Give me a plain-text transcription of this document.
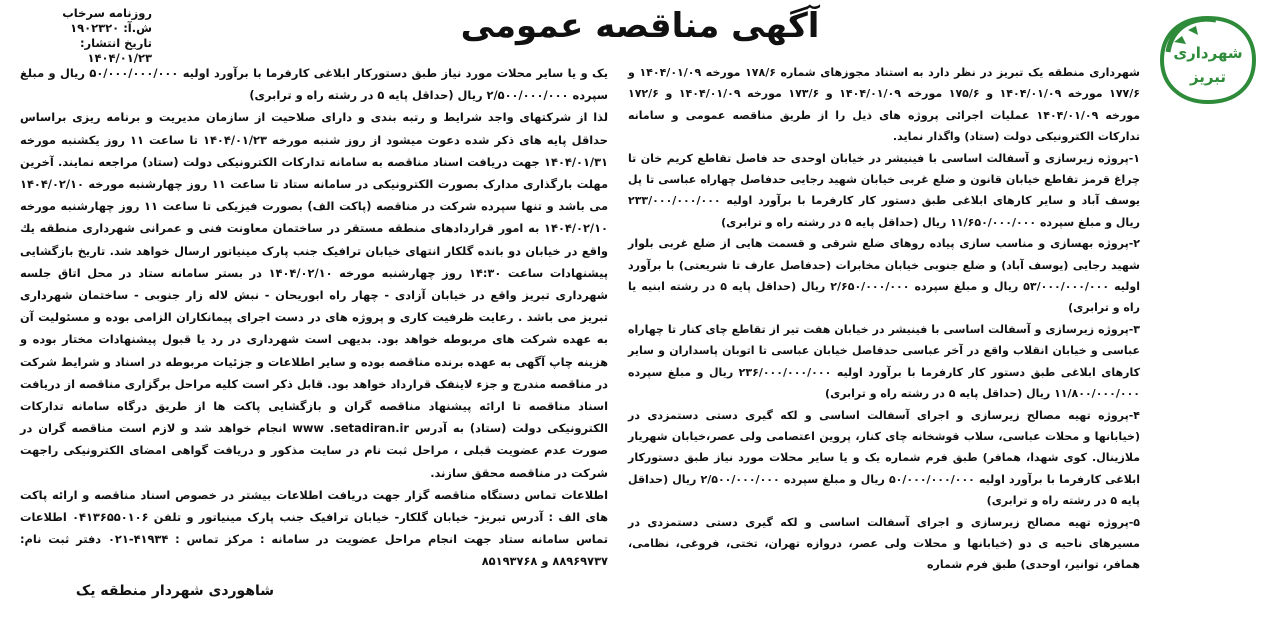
آگهی مناقصه عمومی
روزنامه سرخاب
ش.آ: ۱۹۰۲۳۲۰
تاریخ انتشار: ۱۴۰۴/۰۱/۲۳	شهرداری
تبریز

شهرداری منطقه یک تبریز در نظر دارد به استناد مجوزهای شماره ۱۷۸/۶ مورخه ۱۴۰۴/۰۱/۰۹ و ۱۷۷/۶ مورخه ۱۴۰۴/۰۱/۰۹ و ۱۷۵/۶ مورخه ۱۴۰۴/۰۱/۰۹ و ۱۷۳/۶ مورخه ۱۴۰۴/۰۱/۰۹ و ۱۷۲/۶ مورخه ۱۴۰۴/۰۱/۰۹ عملیات اجرائی پروژه های ذیل را از طریق مناقصه عمومی و سامانه تدارکات الکترونیکی دولت (ستاد) واگذار نماید.

۱-پروژه زیرسازی و آسفالت اساسی با فینیشر در خیابان اوحدی حد فاصل تقاطع کریم خان تا چراغ قرمز تقاطع خیابان قانون و ضلع غربی خیابان شهید رجایی حدفاصل چهاراه عباسی تا پل یوسف آباد و سایر کارهای ابلاغی طبق دستور کار کارفرما با برآورد اولیه ۲۳۳/۰۰۰/۰۰۰/۰۰۰ ریال و مبلغ سپرده ۱۱/۶۵۰/۰۰۰/۰۰۰ ریال (حداقل پایه ۵ در رشته راه و ترابری)

۲-پروژه بهسازی و مناسب سازی پیاده روهای ضلع شرقی و قسمت هایی از ضلع غربی بلوار شهید رجایی (یوسف آباد) و ضلع جنوبی خیابان مخابرات (حدفاصل عارف تا شریعتی) با برآورد اولیه ۵۳/۰۰۰/۰۰۰/۰۰۰ ریال و مبلغ سپرده ۲/۶۵۰/۰۰۰/۰۰۰ ریال (حداقل پایه ۵ در رشته ابنیه یا راه و ترابری)

۳-پروژه زیرسازی و آسفالت اساسی با فینیشر در خیابان هفت تیر از تقاطع چای کنار تا چهاراه عباسی و خیابان انقلاب واقع در آخر عباسی حدفاصل خیابان عباسی تا اتوبان پاسداران و سایر کارهای ابلاغی طبق دستور کار کارفرما با برآورد اولیه ۲۳۶/۰۰۰/۰۰۰/۰۰۰ ریال و مبلغ سپرده ۱۱/۸۰۰/۰۰۰/۰۰۰ ریال (حداقل پایه ۵ در رشته راه و ترابری)

۴-پروژه تهیه مصالح زیرسازی و اجرای آسفالت اساسی و لکه گیری دستی دستمزدی در (خیابانها و محلات عباسی، سلاب قوشخانه چای کنار، پروین اعتصامی ولی عصر،خیابان شهریار ملازینال. کوی شهدا، همافر) طبق فرم شماره یک و یا سایر محلات مورد نیاز طبق دستورکار ابلاغی کارفرما با برآورد اولیه ۵۰/۰۰۰/۰۰۰/۰۰۰ ریال و مبلغ سپرده ۲/۵۰۰/۰۰۰/۰۰۰ ریال (حداقل پایه ۵ در رشته راه و ترابری)

۵-پروژه تهیه مصالح زیرسازی و اجرای آسفالت اساسی و لکه گیری دستی دستمزدی در مسیرهای ناحیه ی دو (خیابانها و محلات ولی عصر، دروازه تهران، تختی، فروغی، نظامی، همافر، توانیر، اوحدی) طبق فرم شماره

یک و یا سایر محلات مورد نیاز طبق دستورکار ابلاغی کارفرما با برآورد اولیه ۵۰/۰۰۰/۰۰۰/۰۰۰ ریال و مبلغ سپرده ۲/۵۰۰/۰۰۰/۰۰۰ ریال (حداقل پایه ۵ در رشته راه و ترابری)

لذا از شرکتهای واجد شرایط و رتبه بندی و دارای صلاحیت از سازمان مدیریت و برنامه ریزی براساس حداقل پایه های ذکر شده دعوت میشود از روز شنبه مورخه ۱۴۰۴/۰۱/۲۳ تا ساعت ۱۱ روز یکشنبه مورخه ۱۴۰۴/۰۱/۳۱ جهت دریافت اسناد مناقصه به سامانه تدارکات الکترونیکی دولت (ستاد) مراجعه نمایند. آخرین مهلت بارگذاری مدارک بصورت الکترونیکی در سامانه ستاد تا ساعت ۱۱ روز چهارشنبه مورخه ۱۴۰۴/۰۲/۱۰ می باشد و تنها سپرده شرکت در مناقصه (پاکت الف) بصورت فیزیکی تا ساعت ۱۱ روز چهارشنبه مورخه ۱۴۰۴/۰۲/۱۰ به امور قراردادهای منطقه مستقر در ساختمان معاونت فنی و عمرانی شهرداری منطقه یك واقع در خیابان دو بانده گلکار انتهای خیابان ترافیک جنب پارک مینیاتور ارسال خواهد شد. تاریخ بازگشایی پیشنهادات ساعت ۱۴:۳۰ روز چهارشنبه مورخه ۱۴۰۴/۰۲/۱۰ در بستر سامانه ستاد در محل اتاق جلسه شهرداری تبریز واقع در خیابان آزادی - چهار راه ابوریحان - نبش لاله زار جنوبی - ساختمان شهرداری تبریز می باشد . رعایت ظرفیت کاری و پروژه های در دست اجرای پیمانکاران الزامی بوده و مسئولیت آن به عهده شرکت های مربوطه خواهد بود. بدیهی است شهرداری در رد یا قبول پیشنهادات مختار بوده و هزینه چاپ آگهی به عهده برنده مناقصه بوده و سایر اطلاعات و جزئیات مربوطه در اسناد و شرایط شرکت در مناقصه مندرج و جزء لاینفک قرارداد خواهد بود. قابل ذکر است کلیه مراحل برگزاری مناقصه از دریافت اسناد مناقصه تا ارائه پیشنهاد مناقصه گران و بازگشایی پاکت ها از طریق درگاه سامانه تدارکات الکترونیکی دولت (ستاد) به آدرس www .setadiran.ir انجام خواهد شد و لازم است مناقصه گران در صورت عدم عضویت قبلی ، مراحل ثبت نام در سایت مذکور و دریافت گواهی امضای الکترونیکی راجهت شرکت در مناقصه محقق سازند.

اطلاعات تماس دستگاه مناقصه گزار جهت دریافت اطلاعات بیشتر در خصوص اسناد مناقصه و ارائه پاکت های الف : آدرس تبریز- خیابان گلکار- خیابان ترافیک جنب پارک مینیاتور و تلفن ۰۴۱۳۶۵۵۰۱۰۶ اطلاعات تماس سامانه ستاد جهت انجام مراحل عضویت در سامانه : مرکز تماس : ۴۱۹۳۴-۰۲۱ دفتر ثبت نام: ۸۸۹۶۹۷۳۷ و ۸۵۱۹۳۷۶۸

شاهوردی شهردار منطقه یک
